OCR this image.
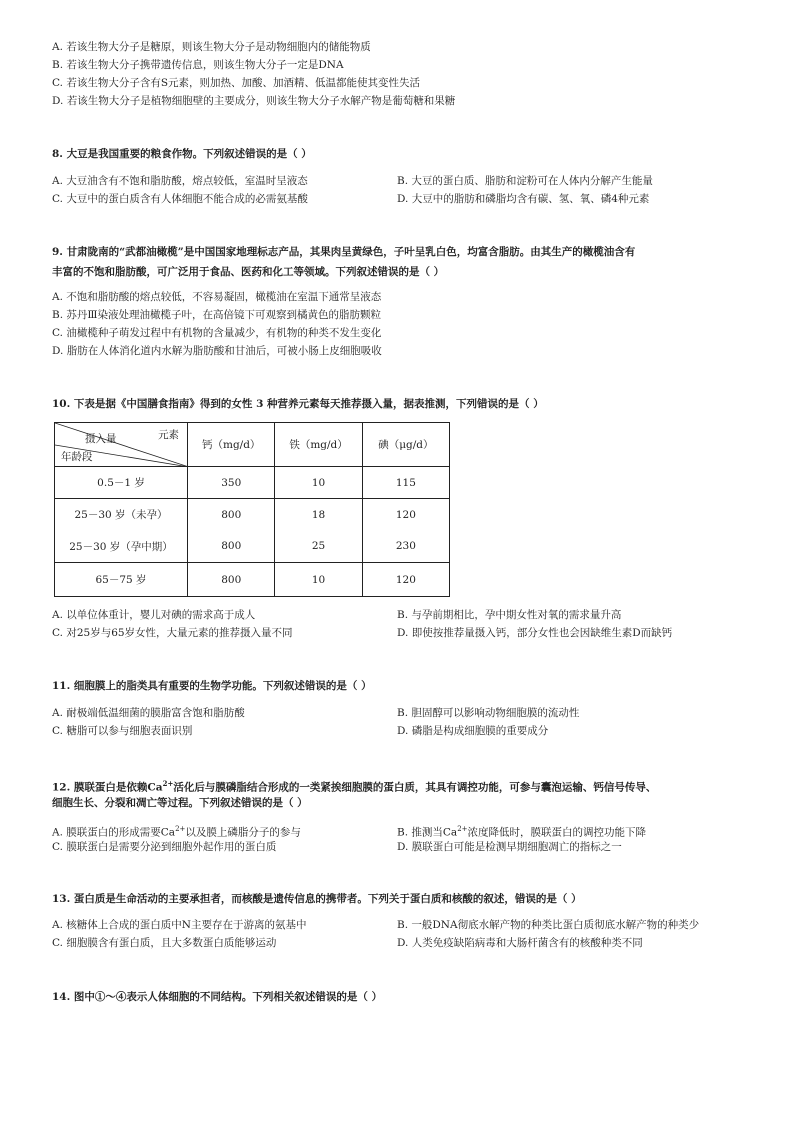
A. 若该生物大分子是糖原，则该生物大分子是动物细胞内的储能物质
B. 若该生物大分子携带遗传信息，则该生物大分子一定是DNA
C. 若该生物大分子含有S元素，则加热、加酸、加酒精、低温都能使其变性失活
D. 若该生物大分子是植物细胞壁的主要成分，则该生物大分子水解产物是葡萄糖和果糖
8. 大豆是我国重要的粮食作物。下列叙述错误的是（ ）
A. 大豆油含有不饱和脂肪酸，熔点较低，室温时呈液态	B. 大豆的蛋白质、脂肪和淀粉可在人体内分解产生能量
C. 大豆中的蛋白质含有人体细胞不能合成的必需氨基酸	D. 大豆中的脂肪和磷脂均含有碳、氢、氧、磷4种元素
9. 甘肃陇南的“武都油橄榄”是中国国家地理标志产品，其果肉呈黄绿色，子叶呈乳白色，均富含脂肪。由其生产的橄榄油含有
丰富的不饱和脂肪酸，可广泛用于食品、医药和化工等领域。下列叙述错误的是（ ）
A. 不饱和脂肪酸的熔点较低，不容易凝固，橄榄油在室温下通常呈液态
B. 苏丹Ⅲ染液处理油橄榄子叶，在高倍镜下可观察到橘黄色的脂肪颗粒
C. 油橄榄种子萌发过程中有机物的含量减少，有机物的种类不发生变化
D. 脂肪在人体消化道内水解为脂肪酸和甘油后，可被小肠上皮细胞吸收
10. 下表是据《中国膳食指南》得到的女性 3 种营养元素每天推荐摄入量，据表推测，下列错误的是（ ）
元素
摄入量
年龄段	钙（mg/d）	铁（mg/d）	碘（μg/d）
0.5－1 岁	350	10	115
25－30 岁（未孕）	800	18	120
25－30 岁（孕中期）	800	25	230
65－75 岁	800	10	120
A. 以单位体重计，婴儿对碘的需求高于成人	B. 与孕前期相比，孕中期女性对氧的需求量升高
C. 对25岁与65岁女性，大量元素的推荐摄入量不同	D. 即使按推荐量摄入钙，部分女性也会因缺维生素D而缺钙
11. 细胞膜上的脂类具有重要的生物学功能。下列叙述错误的是（ ）
A. 耐极端低温细菌的膜脂富含饱和脂肪酸	B. 胆固醇可以影响动物细胞膜的流动性
C. 糖脂可以参与细胞表面识别	D. 磷脂是构成细胞膜的重要成分
12. 膜联蛋白是依赖$Ca^{2+}$活化后与膜磷脂结合形成的一类紧挨细胞膜的蛋白质，其具有调控功能，可参与囊泡运输、钙信号传导、
细胞生长、分裂和凋亡等过程。下列叙述错误的是（ ）
A. 膜联蛋白的形成需要$Ca^{2+}$以及膜上磷脂分子的参与	B. 推测当$Ca^{2+}$浓度降低时，膜联蛋白的调控功能下降
C. 膜联蛋白是需要分泌到细胞外起作用的蛋白质	D. 膜联蛋白可能是检测早期细胞凋亡的指标之一
13. 蛋白质是生命活动的主要承担者，而核酸是遗传信息的携带者。下列关于蛋白质和核酸的叙述，错误的是（ ）
A. 核糖体上合成的蛋白质中N主要存在于游离的氨基中	B. 一般DNA彻底水解产物的种类比蛋白质彻底水解产物的种类少
C. 细胞膜含有蛋白质，且大多数蛋白质能够运动	D. 人类免疫缺陷病毒和大肠杆菌含有的核酸种类不同
14. 图中①～④表示人体细胞的不同结构。下列相关叙述错误的是（ ）
